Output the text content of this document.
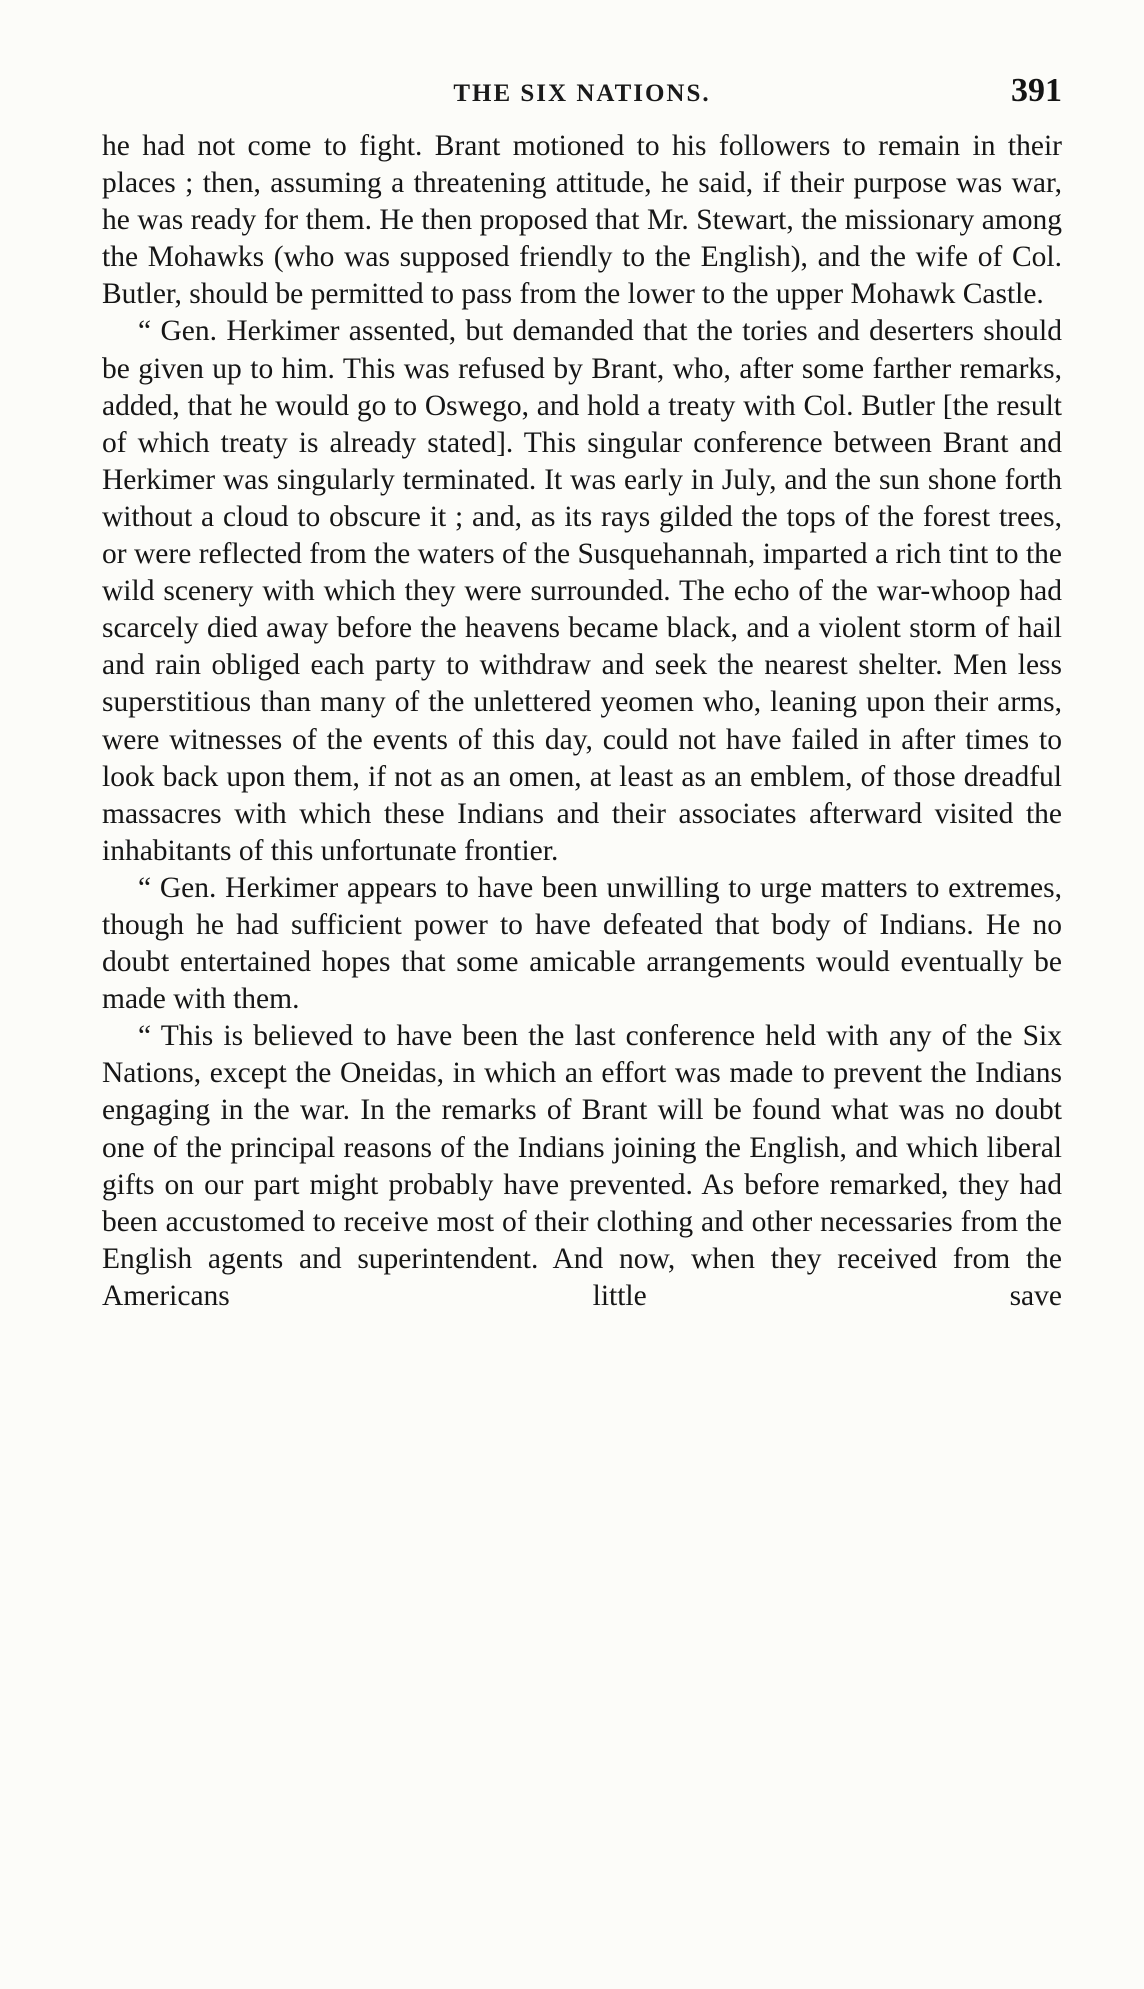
THE SIX NATIONS.	391

he had not come to fight. Brant motioned to his followers to remain in their places ; then, assuming a threatening attitude, he said, if their purpose was war, he was ready for them. He then proposed that Mr. Stewart, the missionary among the Mohawks (who was supposed friendly to the English), and the wife of Col. Butler, should be permitted to pass from the lower to the upper Mohawk Castle.

“ Gen. Herkimer assented, but demanded that the tories and deserters should be given up to him. This was refused by Brant, who, after some farther remarks, added, that he would go to Oswego, and hold a treaty with Col. Butler [the result of which treaty is already stated]. This singular conference between Brant and Herkimer was singularly terminated. It was early in July, and the sun shone forth without a cloud to obscure it ; and, as its rays gilded the tops of the forest trees, or were reflected from the waters of the Susquehannah, imparted a rich tint to the wild scenery with which they were surrounded. The echo of the war-whoop had scarcely died away before the heavens became black, and a violent storm of hail and rain obliged each party to withdraw and seek the nearest shelter. Men less superstitious than many of the unlettered yeomen who, leaning upon their arms, were witnesses of the events of this day, could not have failed in after times to look back upon them, if not as an omen, at least as an emblem, of those dreadful massacres with which these Indians and their associates afterward visited the inhabitants of this unfortunate frontier.

“ Gen. Herkimer appears to have been unwilling to urge matters to extremes, though he had sufficient power to have defeated that body of Indians. He no doubt entertained hopes that some amicable arrangements would eventually be made with them.

“ This is believed to have been the last conference held with any of the Six Nations, except the Oneidas, in which an effort was made to prevent the Indians engaging in the war. In the remarks of Brant will be found what was no doubt one of the principal reasons of the Indians joining the English, and which liberal gifts on our part might probably have prevented. As before remarked, they had been accustomed to receive most of their clothing and other necessaries from the English agents and superintendent. And now, when they received from the Americans little save
